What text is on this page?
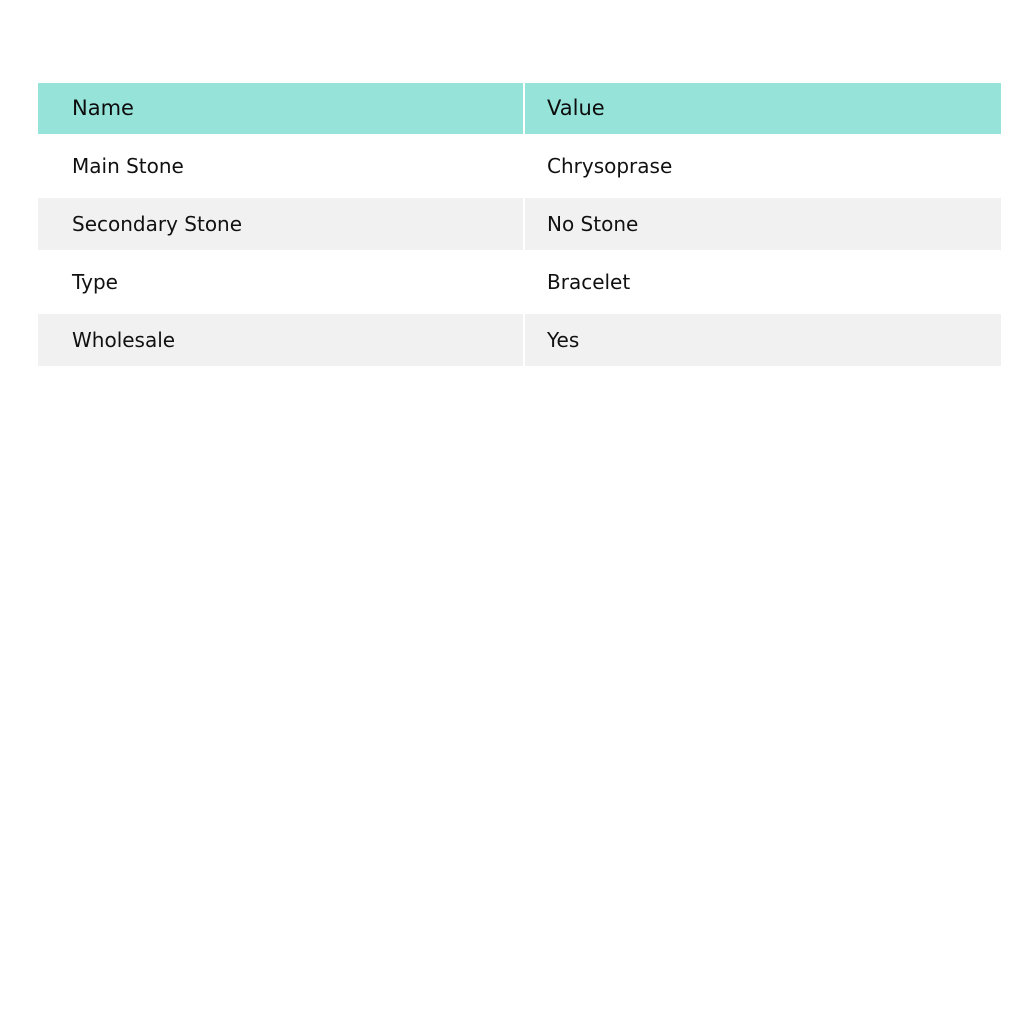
Name	Value
Main Stone	Chrysoprase
Secondary Stone	No Stone
Type	Bracelet
Wholesale	Yes
